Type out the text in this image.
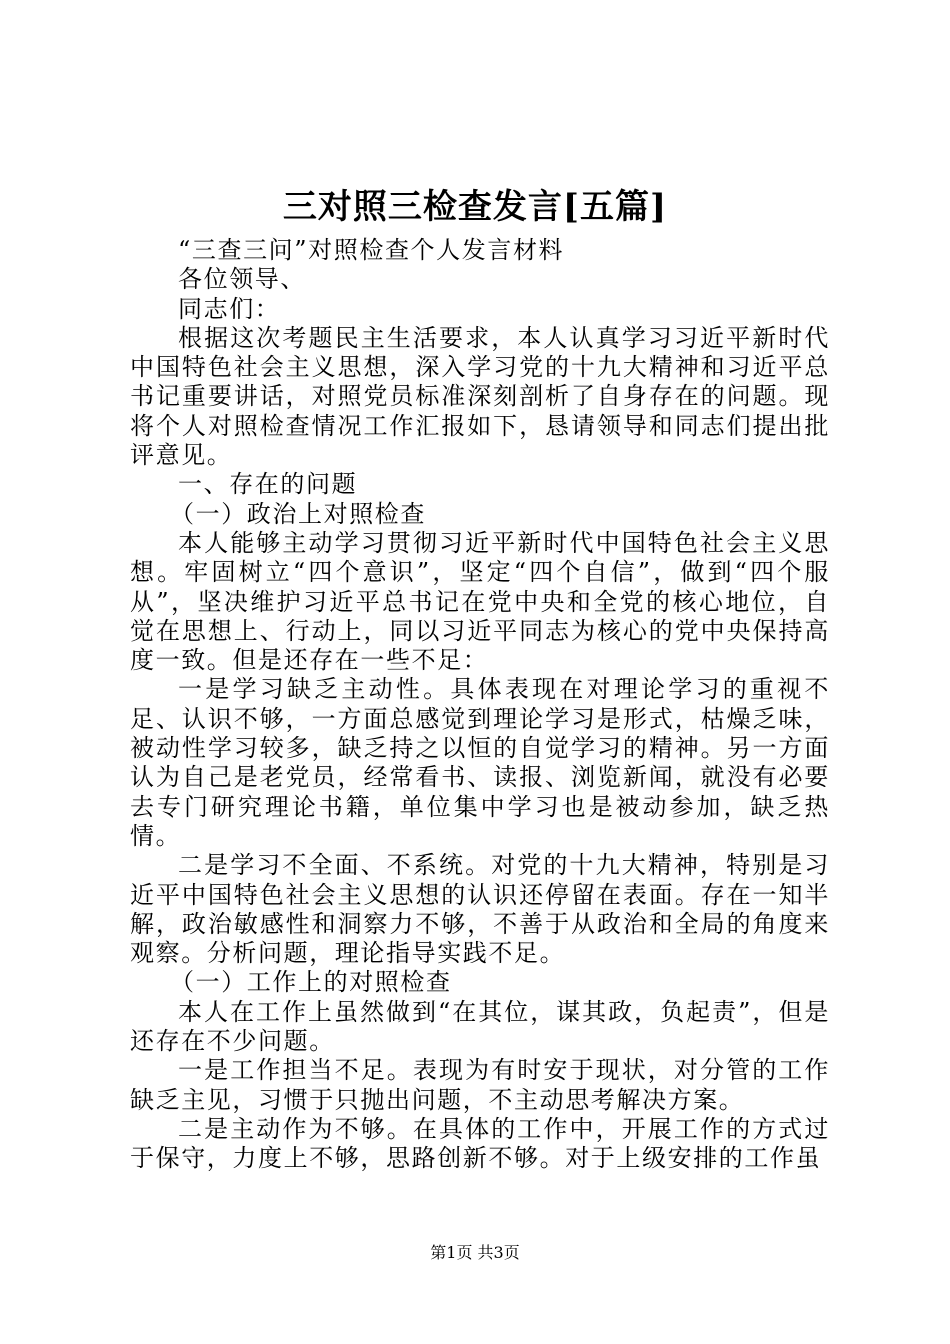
三对照三检查发言[五篇]

“三查三问”对照检查个人发言材料

各位领导、

同志们：

根据这次考题民主生活要求，本人认真学习习近平新时代中国特色社会主义思想，深入学习党的十九大精神和习近平总书记重要讲话，对照党员标准深刻剖析了自身存在的问题。现将个人对照检查情况工作汇报如下，恳请领导和同志们提出批评意见。

一、存在的问题

（一）政治上对照检查

本人能够主动学习贯彻习近平新时代中国特色社会主义思想。牢固树立“四个意识”，坚定“四个自信”，做到“四个服从”，坚决维护习近平总书记在党中央和全党的核心地位，自觉在思想上、行动上，同以习近平同志为核心的党中央保持高度一致。但是还存在一些不足：

一是学习缺乏主动性。具体表现在对理论学习的重视不足、认识不够，一方面总感觉到理论学习是形式，枯燥乏味，被动性学习较多，缺乏持之以恒的自觉学习的精神。另一方面认为自己是老党员，经常看书、读报、浏览新闻，就没有必要去专门研究理论书籍，单位集中学习也是被动参加，缺乏热情。

二是学习不全面、不系统。对党的十九大精神，特别是习近平中国特色社会主义思想的认识还停留在表面。存在一知半解，政治敏感性和洞察力不够，不善于从政治和全局的角度来观察。分析问题，理论指导实践不足。

（一）工作上的对照检查

本人在工作上虽然做到“在其位，谋其政，负起责”，但是还存在不少问题。

一是工作担当不足。表现为有时安于现状，对分管的工作缺乏主见，习惯于只抛出问题，不主动思考解决方案。

二是主动作为不够。在具体的工作中，开展工作的方式过于保守，力度上不够，思路创新不够。对于上级安排的工作虽

第1页 共3页
